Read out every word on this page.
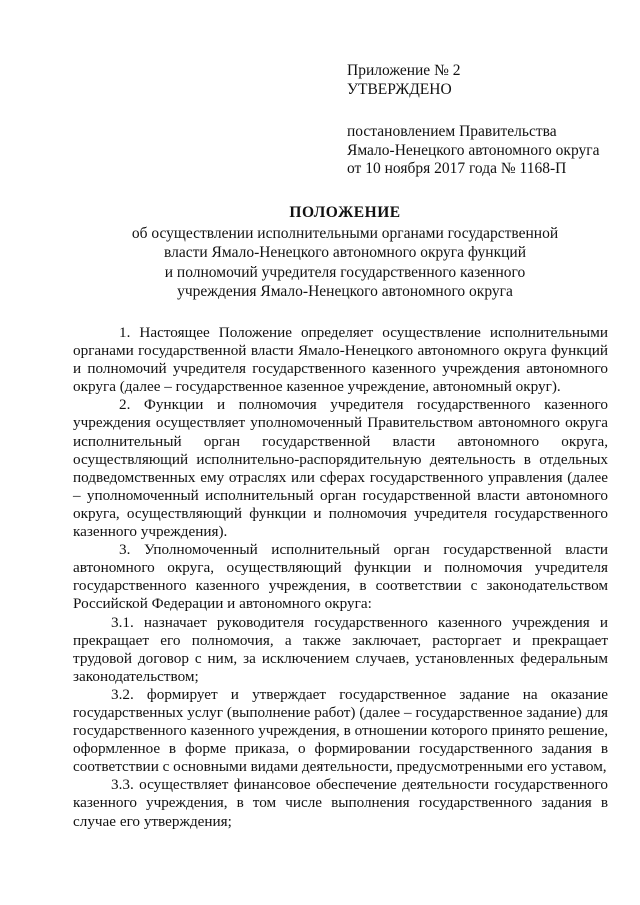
Приложение № 2
УТВЕРЖДЕНО
постановлением Правительства
Ямало-Ненецкого автономного округа
от 10 ноября 2017 года № 1168-П
ПОЛОЖЕНИЕ
об осуществлении исполнительными органами государственной
власти Ямало-Ненецкого автономного округа функций
и полномочий учредителя государственного казенного
учреждения Ямало-Ненецкого автономного округа

1. Настоящее Положение определяет осуществление исполнительными органами государственной власти Ямало-Ненецкого автономного округа функций и полномочий учредителя государственного казенного учреждения автономного округа (далее – государственное казенное учреждение, автономный округ).

2. Функции и полномочия учредителя государственного казенного учреждения осуществляет уполномоченный Правительством автономного округа исполнительный орган государственной власти автономного округа, осуществляющий исполнительно-распорядительную деятельность в отдельных подведомственных ему отраслях или сферах государственного управления (далее – уполномоченный исполнительный орган государственной власти автономного округа, осуществляющий функции и полномочия учредителя государственного казенного учреждения).

3. Уполномоченный исполнительный орган государственной власти автономного округа, осуществляющий функции и полномочия учредителя государственного казенного учреждения, в соответствии с законодательством Российской Федерации и автономного округа:

3.1. назначает руководителя государственного казенного учреждения и прекращает его полномочия, а также заключает, расторгает и прекращает трудовой договор с ним, за исключением случаев, установленных федеральным законодательством;

3.2. формирует и утверждает государственное задание на оказание государственных услуг (выполнение работ) (далее – государственное задание) для государственного казенного учреждения, в отношении которого принято решение, оформленное в форме приказа, о формировании государственного задания в соответствии с основными видами деятельности, предусмотренными его уставом,

3.3. осуществляет финансовое обеспечение деятельности государственного казенного учреждения, в том числе выполнения государственного задания в случае его утверждения;
